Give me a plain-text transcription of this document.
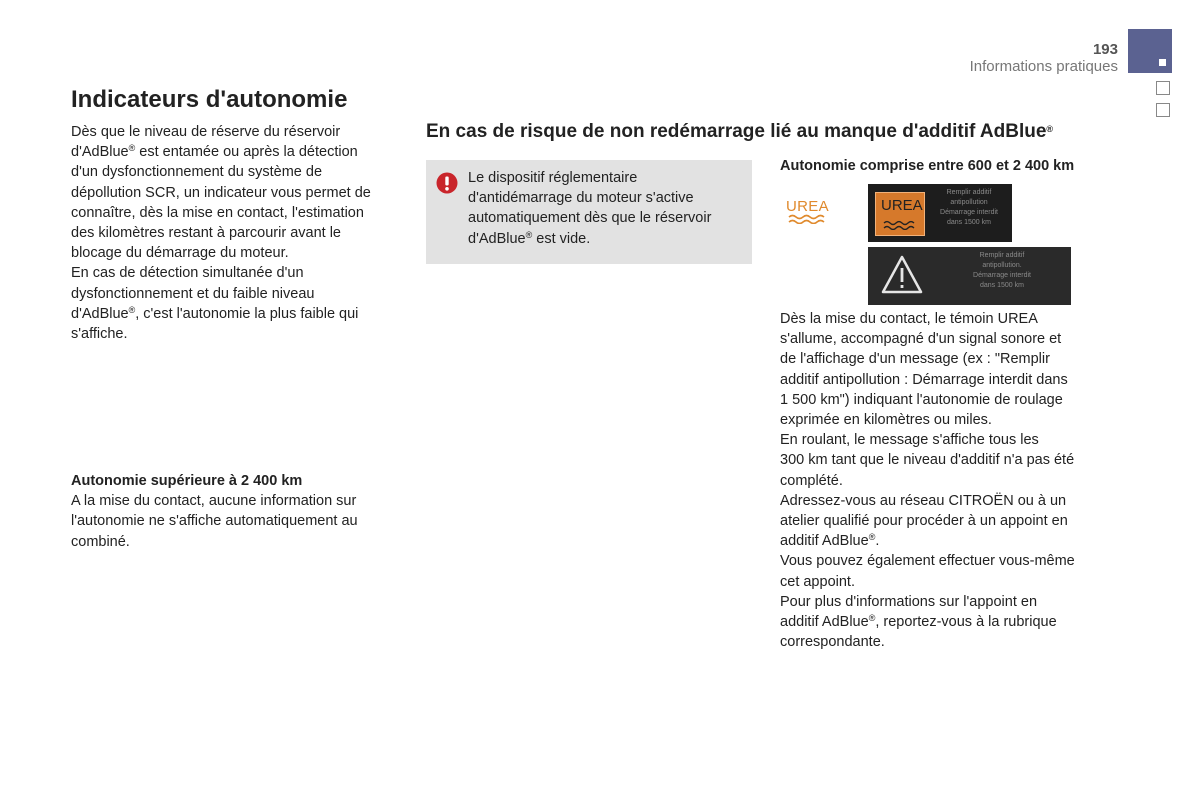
193
Informations pratiques
Indicateurs d'autonomie

Dès que le niveau de réserve du réservoir

d'AdBlue® est entamée ou après la détection

d'un dysfonctionnement du système de

dépollution SCR, un indicateur vous permet de

connaître, dès la mise en contact, l'estimation

des kilomètres restant à parcourir avant le

blocage du démarrage du moteur.

En cas de détection simultanée d'un

dysfonctionnement et du faible niveau

d'AdBlue®, c'est l'autonomie la plus faible qui

s'affiche.

Autonomie supérieure à 2 400 km

A la mise du contact, aucune information sur

l'autonomie ne s'affiche automatiquement au

combiné.

En cas de risque de non redémarrage lié au manque d'additif AdBlue®
Le dispositif réglementaire
d'antidémarrage du moteur s'active
automatiquement dès que le réservoir
d'AdBlue® est vide.
Autonomie comprise entre 600 et 2 400 km
UREA	UREA
Remplir additif
antipollution
Démarrage interdit
dans 1500 km
Remplir additif
antipollution.
Démarrage interdit
dans 1500 km

Dès la mise du contact, le témoin UREA

s'allume, accompagné d'un signal sonore et

de l'affichage d'un message (ex : "Remplir

additif antipollution : Démarrage interdit dans

1 500 km") indiquant l'autonomie de roulage

exprimée en kilomètres ou miles.

En roulant, le message s'affiche tous les

300 km tant que le niveau d'additif n'a pas été

complété.

Adressez-vous au réseau CITROËN ou à un

atelier qualifié pour procéder à un appoint en

additif AdBlue®.

Vous pouvez également effectuer vous-même

cet appoint.

Pour plus d'informations sur l'appoint en

additif AdBlue®, reportez-vous à la rubrique

correspondante.
